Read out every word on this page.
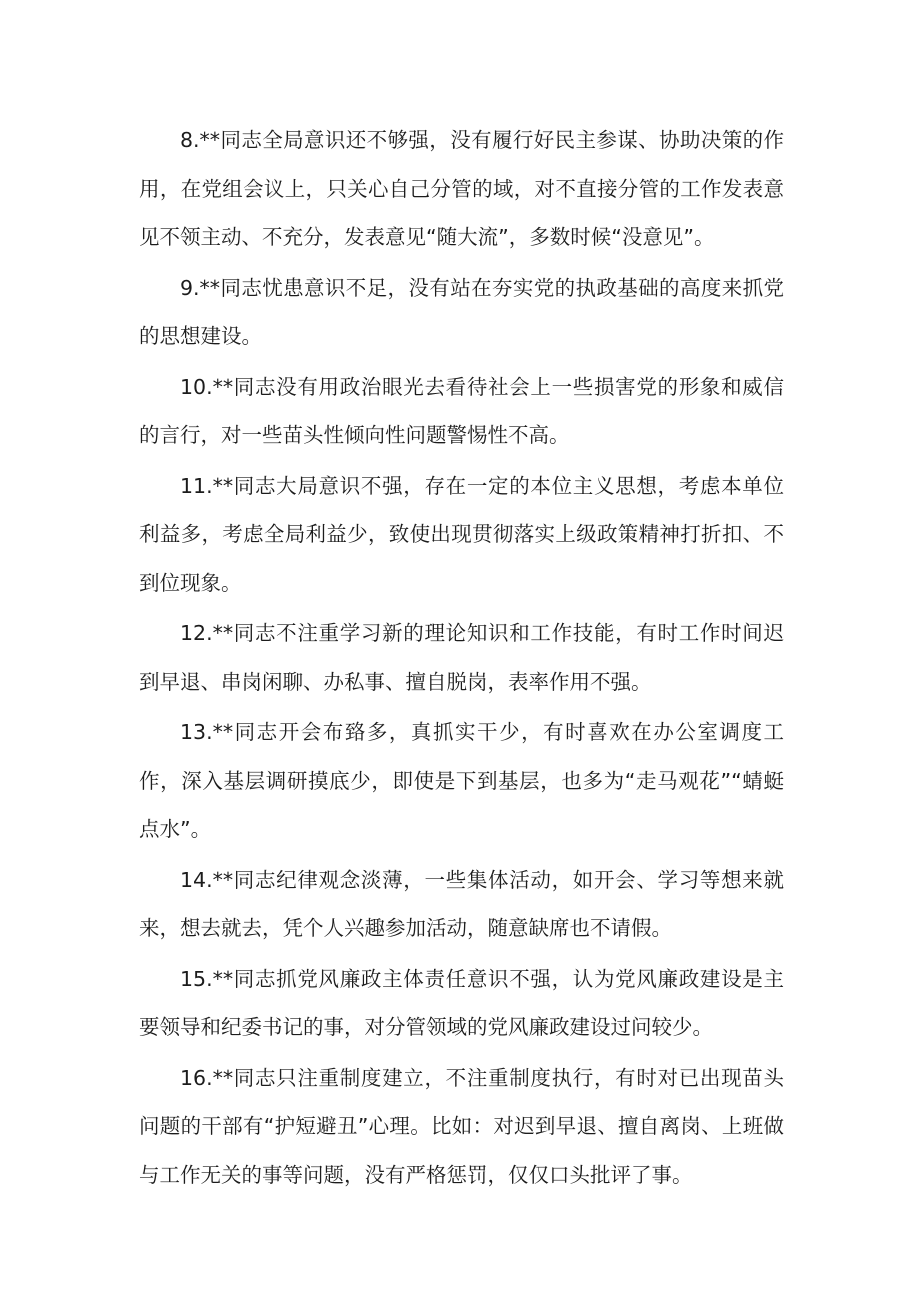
8.**同志全局意识还不够强，没有履行好民主参谋、协助决策的作用，在党组会议上，只关心自己分管的域，对不直接分管的工作发表意见不领主动、不充分，发表意见“随大流”，多数时候“没意见”。

9.**同志忧患意识不足，没有站在夯实党的执政基础的高度来抓党的思想建设。

10.**同志没有用政治眼光去看待社会上一些损害党的形象和威信的言行，对一些苗头性倾向性问题警惕性不高。

11.**同志大局意识不强，存在一定的本位主义思想，考虑本单位利益多，考虑全局利益少，致使出现贯彻落实上级政策精神打折扣、不到位现象。

12.**同志不注重学习新的理论知识和工作技能，有时工作时间迟到早退、串岗闲聊、办私事、擅自脱岗，表率作用不强。

13.**同志开会布臵多，真抓实干少，有时喜欢在办公室调度工作，深入基层调研摸底少，即使是下到基层，也多为“走马观花”“蜻蜓点水”。

14.**同志纪律观念淡薄，一些集体活动，如开会、学习等想来就来，想去就去，凭个人兴趣参加活动，随意缺席也不请假。

15.**同志抓党风廉政主体责任意识不强，认为党风廉政建设是主要领导和纪委书记的事，对分管领域的党风廉政建设过问较少。

16.**同志只注重制度建立，不注重制度执行，有时对已出现苗头问题的干部有“护短避丑”心理。比如：对迟到早退、擅自离岗、上班做与工作无关的事等问题，没有严格惩罚，仅仅口头批评了事。
